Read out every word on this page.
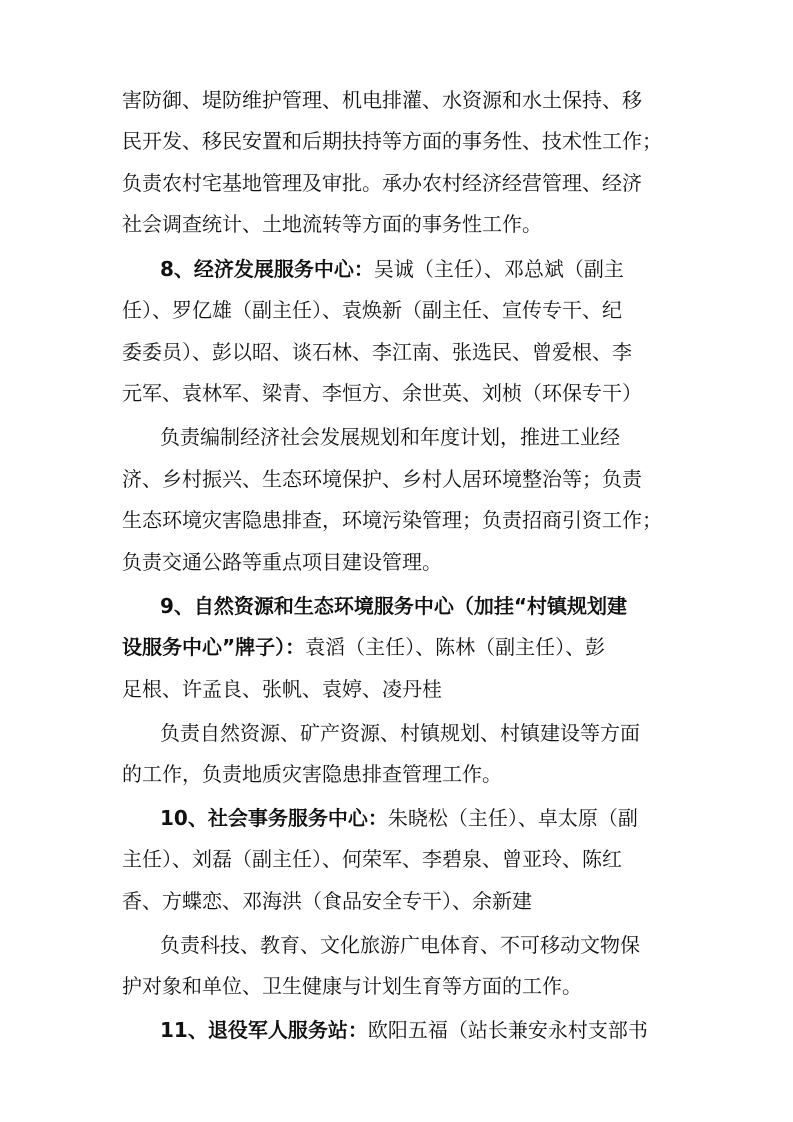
害防御、堤防维护管理、机电排灌、水资源和水土保持、移
民开发、移民安置和后期扶持等方面的事务性、技术性工作；
负责农村宅基地管理及审批。承办农村经济经营管理、经济
社会调查统计、土地流转等方面的事务性工作。
8、经济发展服务中心：吴诚（主任）、邓总斌（副主
任）、罗亿雄（副主任）、袁焕新（副主任、宣传专干、纪
委委员）、彭以昭、谈石林、李江南、张选民、曾爱根、李
元军、袁林军、梁青、李恒方、余世英、刘桢（环保专干）
负责编制经济社会发展规划和年度计划，推进工业经
济、乡村振兴、生态环境保护、乡村人居环境整治等；负责
生态环境灾害隐患排查，环境污染管理；负责招商引资工作；
负责交通公路等重点项目建设管理。
9、自然资源和生态环境服务中心（加挂“村镇规划建
设服务中心”牌子）：袁滔（主任）、陈林（副主任）、彭
足根、许孟良、张帆、袁婷、凌丹桂
负责自然资源、矿产资源、村镇规划、村镇建设等方面
的工作，负责地质灾害隐患排查管理工作。
10、社会事务服务中心：朱晓松（主任）、卓太原（副
主任）、刘磊（副主任）、何荣军、李碧泉、曾亚玲、陈红
香、方蝶恋、邓海洪（食品安全专干）、余新建
负责科技、教育、文化旅游广电体育、不可移动文物保
护对象和单位、卫生健康与计划生育等方面的工作。
11、退役军人服务站：欧阳五福（站长兼安永村支部书
